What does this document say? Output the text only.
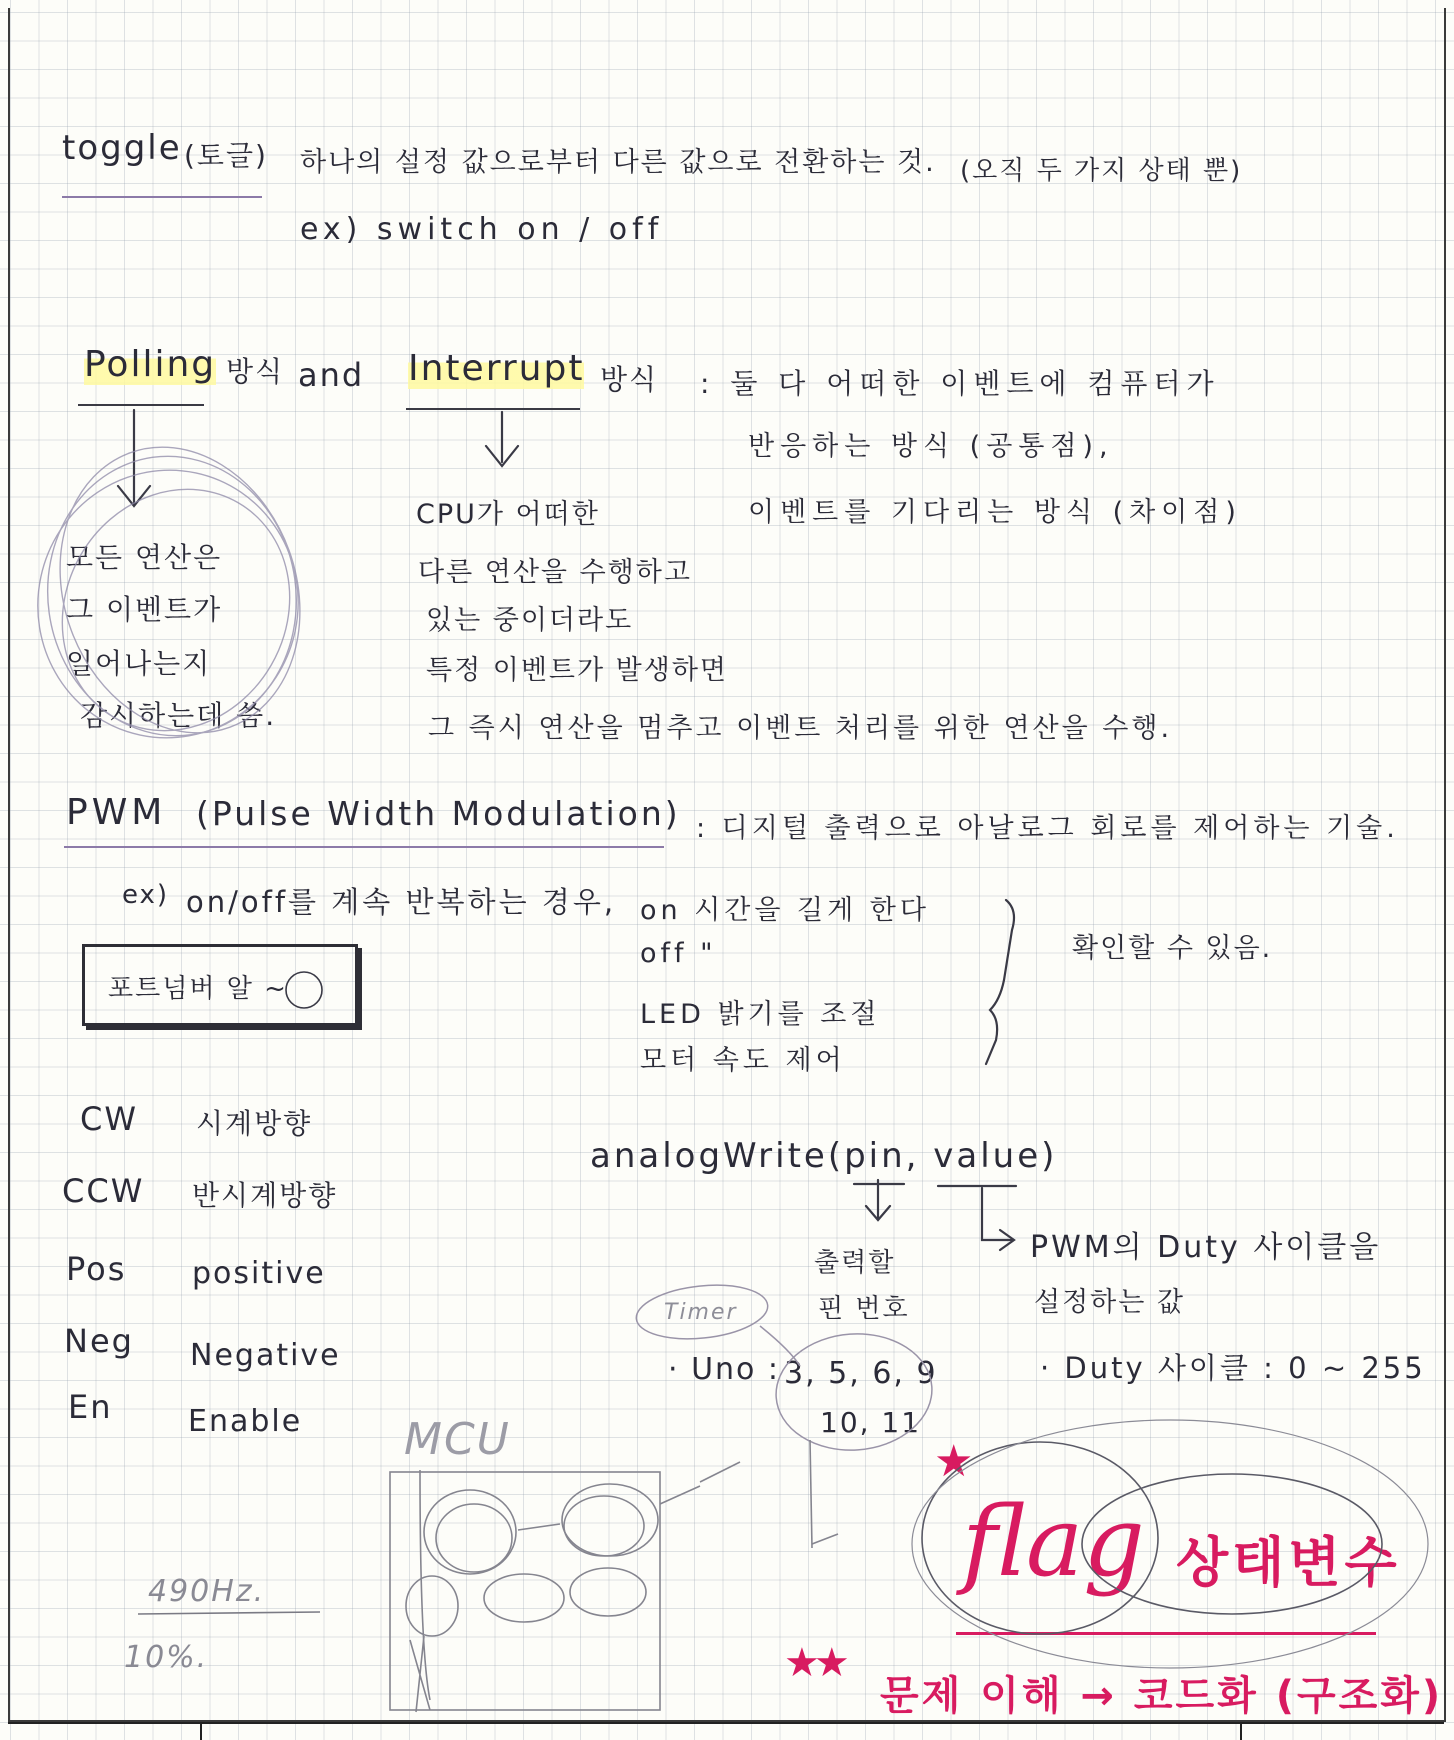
toggle (토글) 하나의 설정 값으로부터 다른 값으로 전환하는 것. (오직 두 가지 상태 뿐)
ex) switch on / off
Polling 방식 and Interrupt 방식 : 둘 다 어떠한 이벤트에 컴퓨터가
반응하는 방식 (공통점),
이벤트를 기다리는 방식 (차이점)
모든 연산은
그 이벤트가
일어나는지
감시하는데 씀.
CPU가 어떠한
다른 연산을 수행하고
있는 중이더라도
특정 이벤트가 발생하면
그 즉시 연산을 멈추고 이벤트 처리를 위한 연산을 수행.
PWM (Pulse Width Modulation) : 디지털 출력으로 아날로그 회로를 제어하는 기술.
ex) on/off를 계속 반복하는 경우, on 시간을 길게 한다
off "
LED 밝기를 조절
모터 속도 제어
확인할 수 있음.
포트넘버 알 ~
CW 시계방향
CCW 반시계방향
Pos positive
Neg Negative
En	Enable
analogWrite(pin, value)
출력할
핀 번호
PWM의 Duty 사이클을
설정하는 값
Timer
· Uno : 3, 5, 6, 9
10, 11
· Duty 사이클 : 0 ~ 255
MCU
490Hz.
10%.
★
flag 상태변수
★★
문제 이해 → 코드화 (구조화)
